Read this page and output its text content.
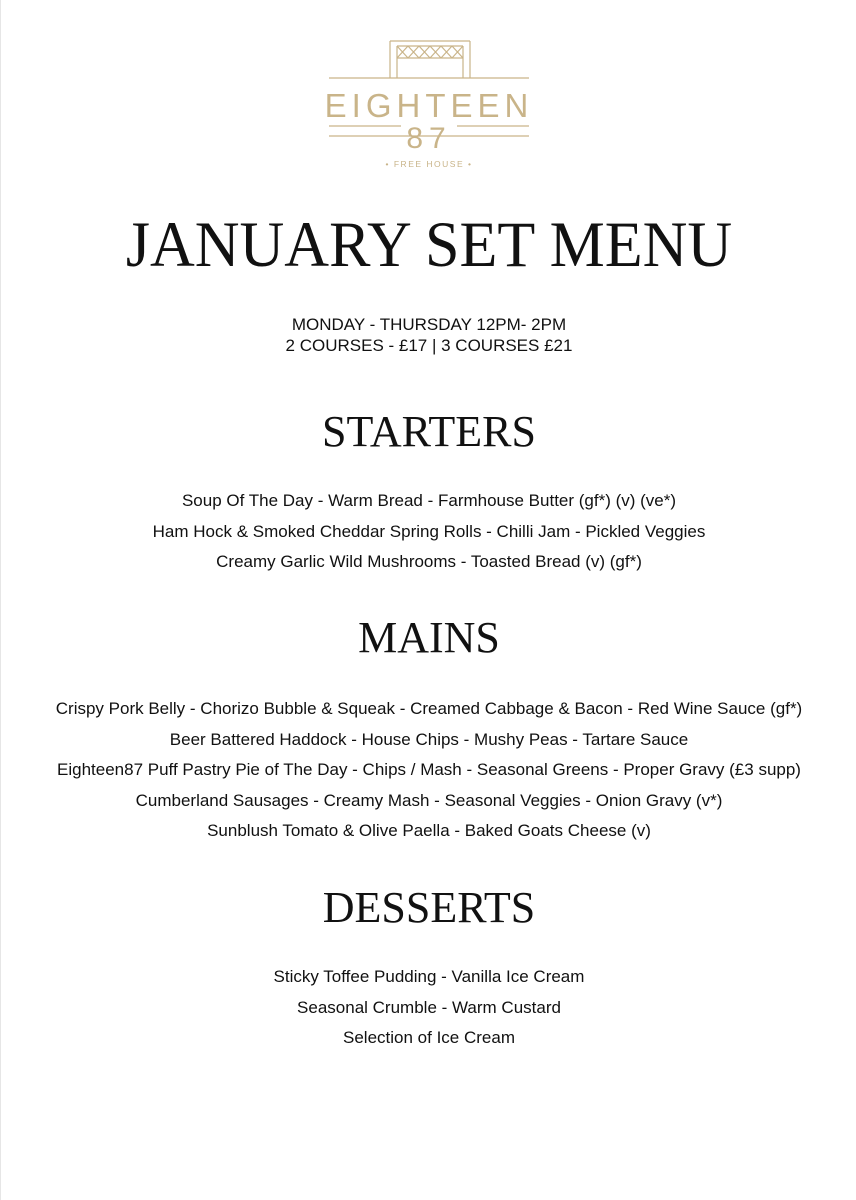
EIGHTEEN
87
• FREE HOUSE •
JANUARY SET MENU
MONDAY - THURSDAY 12PM- 2PM
2 COURSES - £17 | 3 COURSES £21
STARTERS
Soup Of The Day - Warm Bread - Farmhouse Butter (gf*) (v) (ve*)
Ham Hock & Smoked Cheddar Spring Rolls - Chilli Jam - Pickled Veggies
Creamy Garlic Wild Mushrooms - Toasted Bread (v) (gf*)
MAINS
Crispy Pork Belly - Chorizo Bubble & Squeak - Creamed Cabbage & Bacon - Red Wine Sauce (gf*)
Beer Battered Haddock - House Chips - Mushy Peas - Tartare Sauce
Eighteen87 Puff Pastry Pie of The Day - Chips / Mash - Seasonal Greens - Proper Gravy (£3 supp)
Cumberland Sausages - Creamy Mash - Seasonal Veggies - Onion Gravy (v*)
Sunblush Tomato & Olive Paella - Baked Goats Cheese (v)
DESSERTS
Sticky Toffee Pudding - Vanilla Ice Cream
Seasonal Crumble - Warm Custard
Selection of Ice Cream
